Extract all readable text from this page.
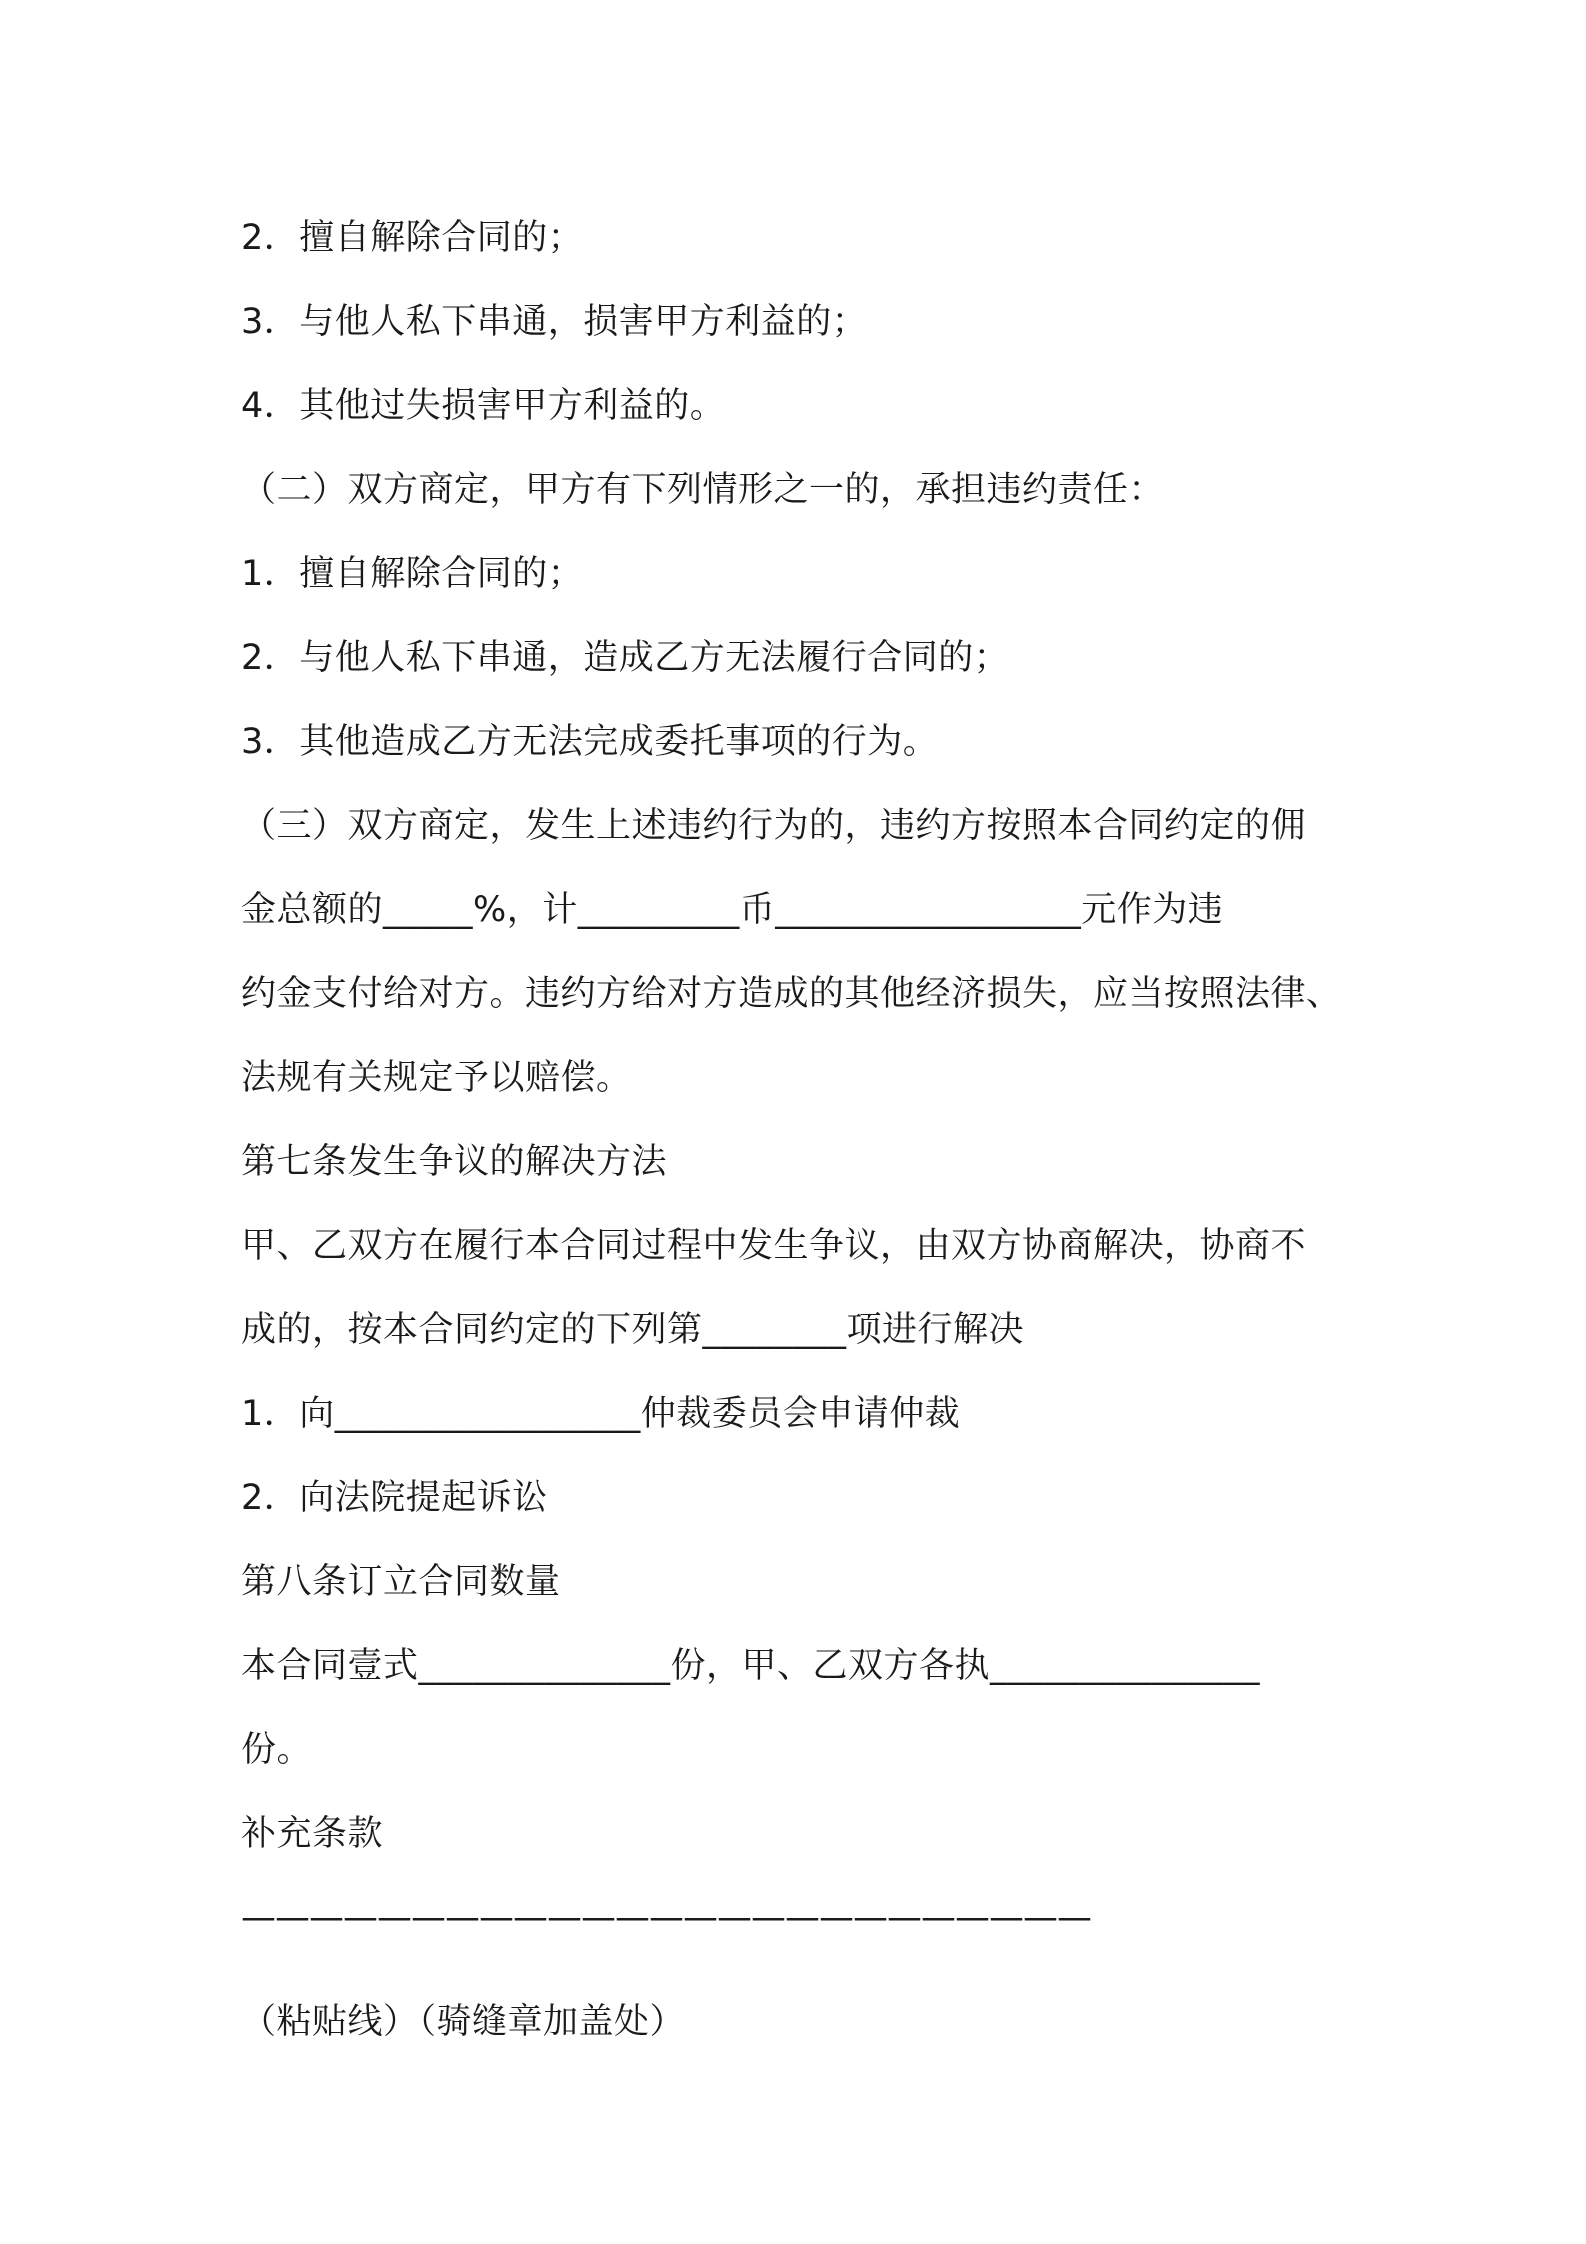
2．擅自解除合同的；
3．与他人私下串通，损害甲方利益的；
4．其他过失损害甲方利益的。
（二）双方商定，甲方有下列情形之一的，承担违约责任：
1．擅自解除合同的；
2．与他人私下串通，造成乙方无法履行合同的；
3．其他造成乙方无法完成委托事项的行为。
（三）双方商定，发生上述违约行为的，违约方按照本合同约定的佣
金总额的_____%，计_________币_________________元作为违
约金支付给对方。违约方给对方造成的其他经济损失，应当按照法律、
法规有关规定予以赔偿。
第七条发生争议的解决方法
甲、乙双方在履行本合同过程中发生争议，由双方协商解决，协商不
成的，按本合同约定的下列第________项进行解决
1．向_________________仲裁委员会申请仲裁
2．向法院提起诉讼
第八条订立合同数量
本合同壹式______________份，甲、乙双方各执_______________
份。
补充条款
—————————————————————————
（粘贴线）（骑缝章加盖处）
